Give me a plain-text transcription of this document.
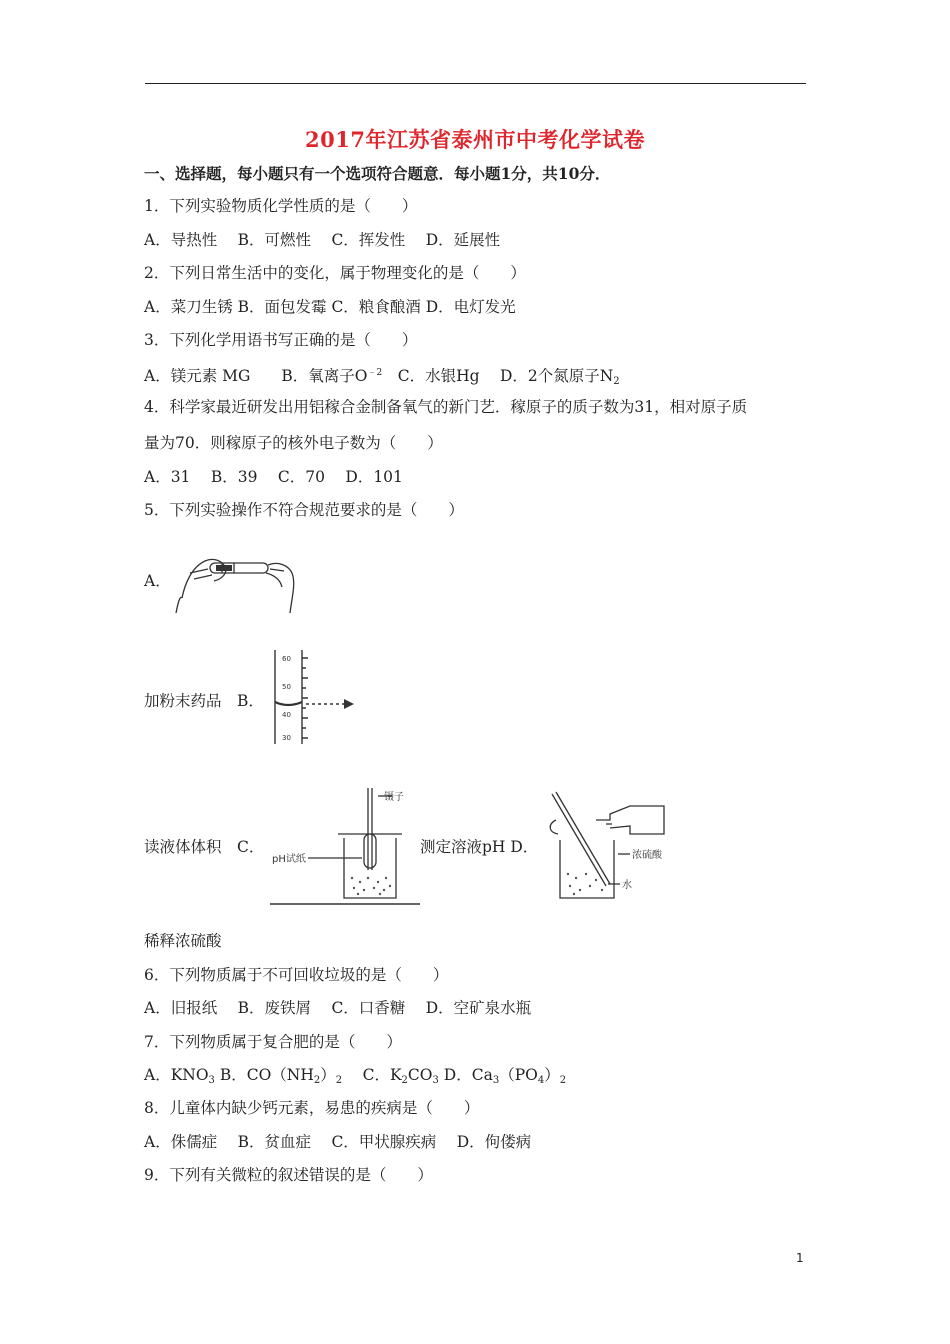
2017年江苏省泰州市中考化学试卷
一、选择题，每小题只有一个选项符合题意．每小题1分，共10分．
1．下列实验物质化学性质的是（　　）
A．导热性　 B．可燃性　 C．挥发性　 D．延展性
2．下列日常生活中的变化，属于物理变化的是（　　）
A．菜刀生锈 B．面包发霉 C．粮食酿酒 D．电灯发光
3．下列化学用语书写正确的是（　　）
A．镁元素 MG　　B．氧离子$O^{﹣2}$　C．水银Hg　 D．2个氮原子$N_2$
4．科学家最近研发出用铝稼合金制备氧气的新门艺．稼原子的质子数为31，相对原子质
量为70．则稼原子的核外电子数为（　　）
A．31　 B．39　 C．70　 D．101
5．下列实验操作不符合规范要求的是（　　）
A．
加粉末药品　B．
60
50
40
30
读液体体积　C．
镊子
pH试纸
测定溶液pH D．	浓硫酸
水
稀释浓硫酸
6．下列物质属于不可回收垃圾的是（　　）
A．旧报纸　 B．废铁屑　 C．口香糖　 D．空矿泉水瓶
7．下列物质属于复合肥的是（　　）
A．$KNO_3$ B．$CO(NH_2)_2$　 C．$K_2CO_3$ D．$Ca_3(PO_4)_2$
8．儿童体内缺少钙元素，易患的疾病是（　　）
A．侏儒症　 B．贫血症　 C．甲状腺疾病　 D．佝偻病
9．下列有关微粒的叙述错误的是（　　）
1
